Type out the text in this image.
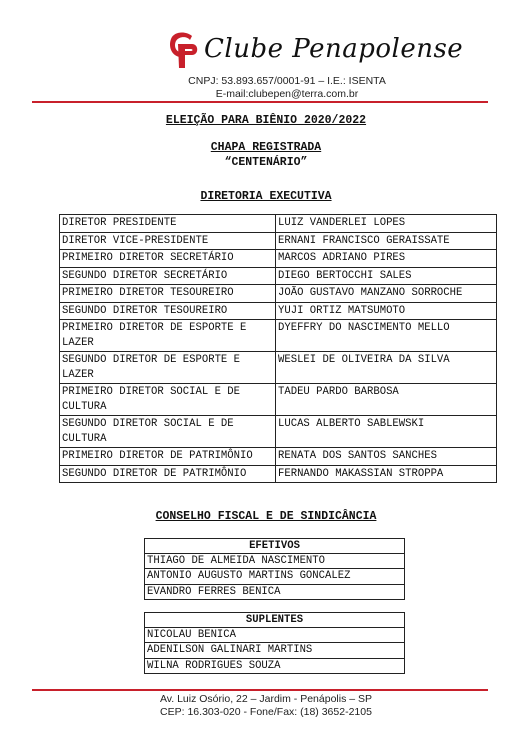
Clube Penapolense
CNPJ: 53.893.657/0001-91 – I.E.: ISENTA
E-mail:clubepen@terra.com.br
ELEIÇÃO PARA BIÊNIO 2020/2022
CHAPA REGISTRADA
“CENTENÁRIO”
DIRETORIA EXECUTIVA
DIRETOR PRESIDENTE	LUIZ VANDERLEI LOPES
DIRETOR VICE-PRESIDENTE	ERNANI FRANCISCO GERAISSATE
PRIMEIRO DIRETOR SECRETÁRIO	MARCOS ADRIANO PIRES
SEGUNDO DIRETOR SECRETÁRIO	DIEGO BERTOCCHI SALES
PRIMEIRO DIRETOR TESOUREIRO	JOÃO GUSTAVO MANZANO SORROCHE
SEGUNDO DIRETOR TESOUREIRO	YUJI ORTIZ MATSUMOTO
PRIMEIRO DIRETOR DE ESPORTE E LAZER	DYEFFRY DO NASCIMENTO MELLO
SEGUNDO DIRETOR DE ESPORTE E LAZER	WESLEI DE OLIVEIRA DA SILVA
PRIMEIRO DIRETOR SOCIAL E DE CULTURA	TADEU PARDO BARBOSA
SEGUNDO DIRETOR SOCIAL E DE CULTURA	LUCAS ALBERTO SABLEWSKI
PRIMEIRO DIRETOR DE PATRIMÔNIO	RENATA DOS SANTOS SANCHES
SEGUNDO DIRETOR DE PATRIMÔNIO	FERNANDO MAKASSIAN STROPPA
CONSELHO FISCAL E DE SINDICÂNCIA
EFETIVOS
THIAGO DE ALMEIDA NASCIMENTO
ANTONIO AUGUSTO MARTINS GONCALEZ
EVANDRO FERRES BENICA
SUPLENTES
NICOLAU BENICA
ADENILSON GALINARI MARTINS
WILNA RODRIGUES SOUZA
Av. Luiz Osório, 22 – Jardim - Penápolis – SP
CEP: 16.303-020 - Fone/Fax: (18) 3652-2105
